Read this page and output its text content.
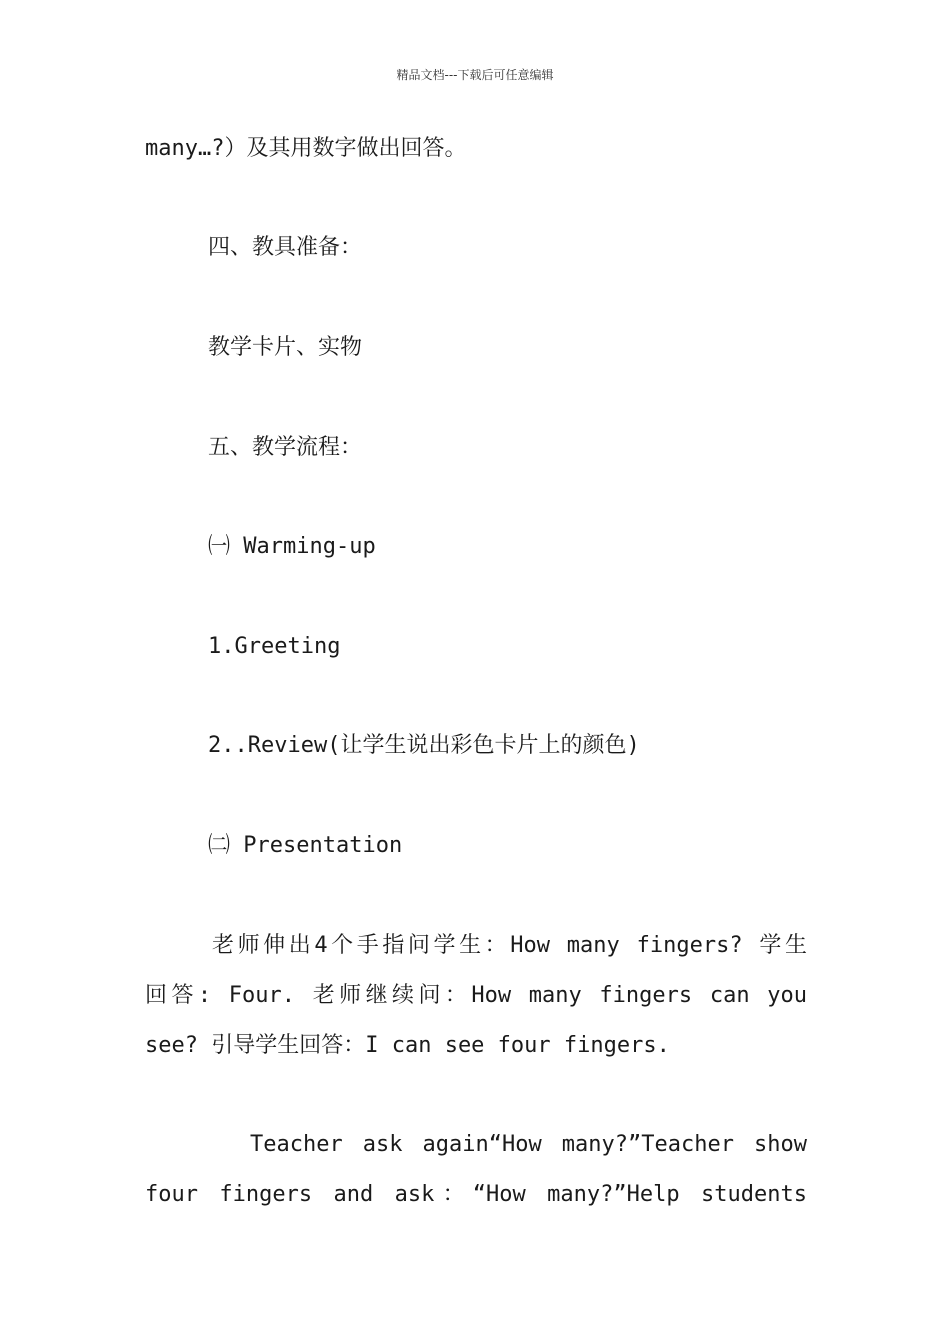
精品文档---下载后可任意编辑
many…?）及其用数字做出回答。
四、教具准备：
教学卡片、实物
五、教学流程：
㈠ Warming-up
1.Greeting
2..Review(让学生说出彩色卡片上的颜色)
㈡ Presentation
老师伸出4个手指问学生：How many fingers? 学生
回答: Four. 老师继续问：How many fingers can you
see? 引导学生回答：I can see four fingers.
Teacher ask again“How many?”Teacher show
four fingers and ask：“How many?”Help students
